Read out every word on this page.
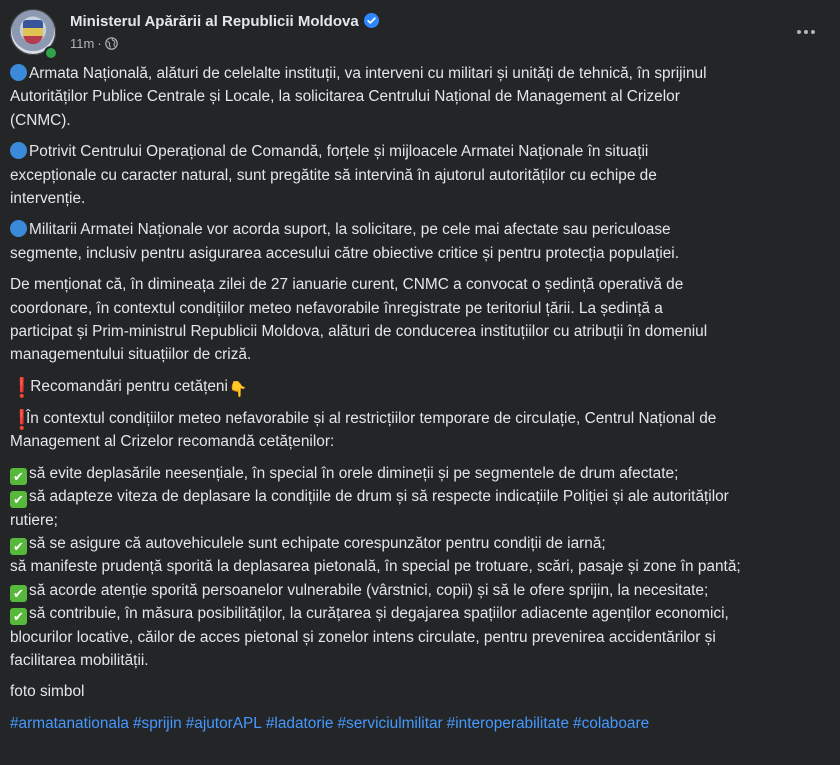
Ministerul Apărării al Republicii Moldova
11m ·
Armata Națională, alături de celelalte instituții, va interveni cu militari și unități de tehnică, în sprijinul
Autorităților Publice Centrale și Locale, la solicitarea Centrului Național de Management al Crizelor
(CNMC).
Potrivit Centrului Operațional de Comandă, forțele și mijloacele Armatei Naționale în situații
excepționale cu caracter natural, sunt pregătite să intervină în ajutorul autorităților cu echipe de
intervenție.
Militarii Armatei Naționale vor acorda suport, la solicitare, pe cele mai afectate sau periculoase
segmente, inclusiv pentru asigurarea accesului către obiective critice și pentru protecția populației.
De menționat că, în dimineața zilei de 27 ianuarie curent, CNMC a convocat o ședință operativă de
coordonare, în contextul condițiilor meteo nefavorabile înregistrate pe teritoriul țării. La ședință a
participat și Prim-ministrul Republicii Moldova, alături de conducerea instituțiilor cu atribuții în domeniul
managementului situațiilor de criză.
❗ Recomandări pentru cetățeni👇
❗În contextul condițiilor meteo nefavorabile și al restricțiilor temporare de circulație, Centrul Național de
Management al Crizelor recomandă cetățenilor:
✔ să evite deplasările neesențiale, în special în orele dimineții și pe segmentele de drum afectate;
✔ să adapteze viteza de deplasare la condițiile de drum și să respecte indicațiile Poliției și ale autorităților
rutiere;
✔ să se asigure că autovehiculele sunt echipate corespunzător pentru condiții de iarnă;
să manifeste prudență sporită la deplasarea pietonală, în special pe trotuare, scări, pasaje și zone în pantă;
✔ să acorde atenție sporită persoanelor vulnerabile (vârstnici, copii) și să le ofere sprijin, la necesitate;
✔ să contribuie, în măsura posibilităților, la curățarea și degajarea spațiilor adiacente agenților economici,
blocurilor locative, căilor de acces pietonal și zonelor intens circulate, pentru prevenirea accidentărilor și
facilitarea mobilității.
foto simbol
#armatanationala #sprijin #ajutorAPL #ladatorie #serviciulmilitar #interoperabilitate #colaboare
